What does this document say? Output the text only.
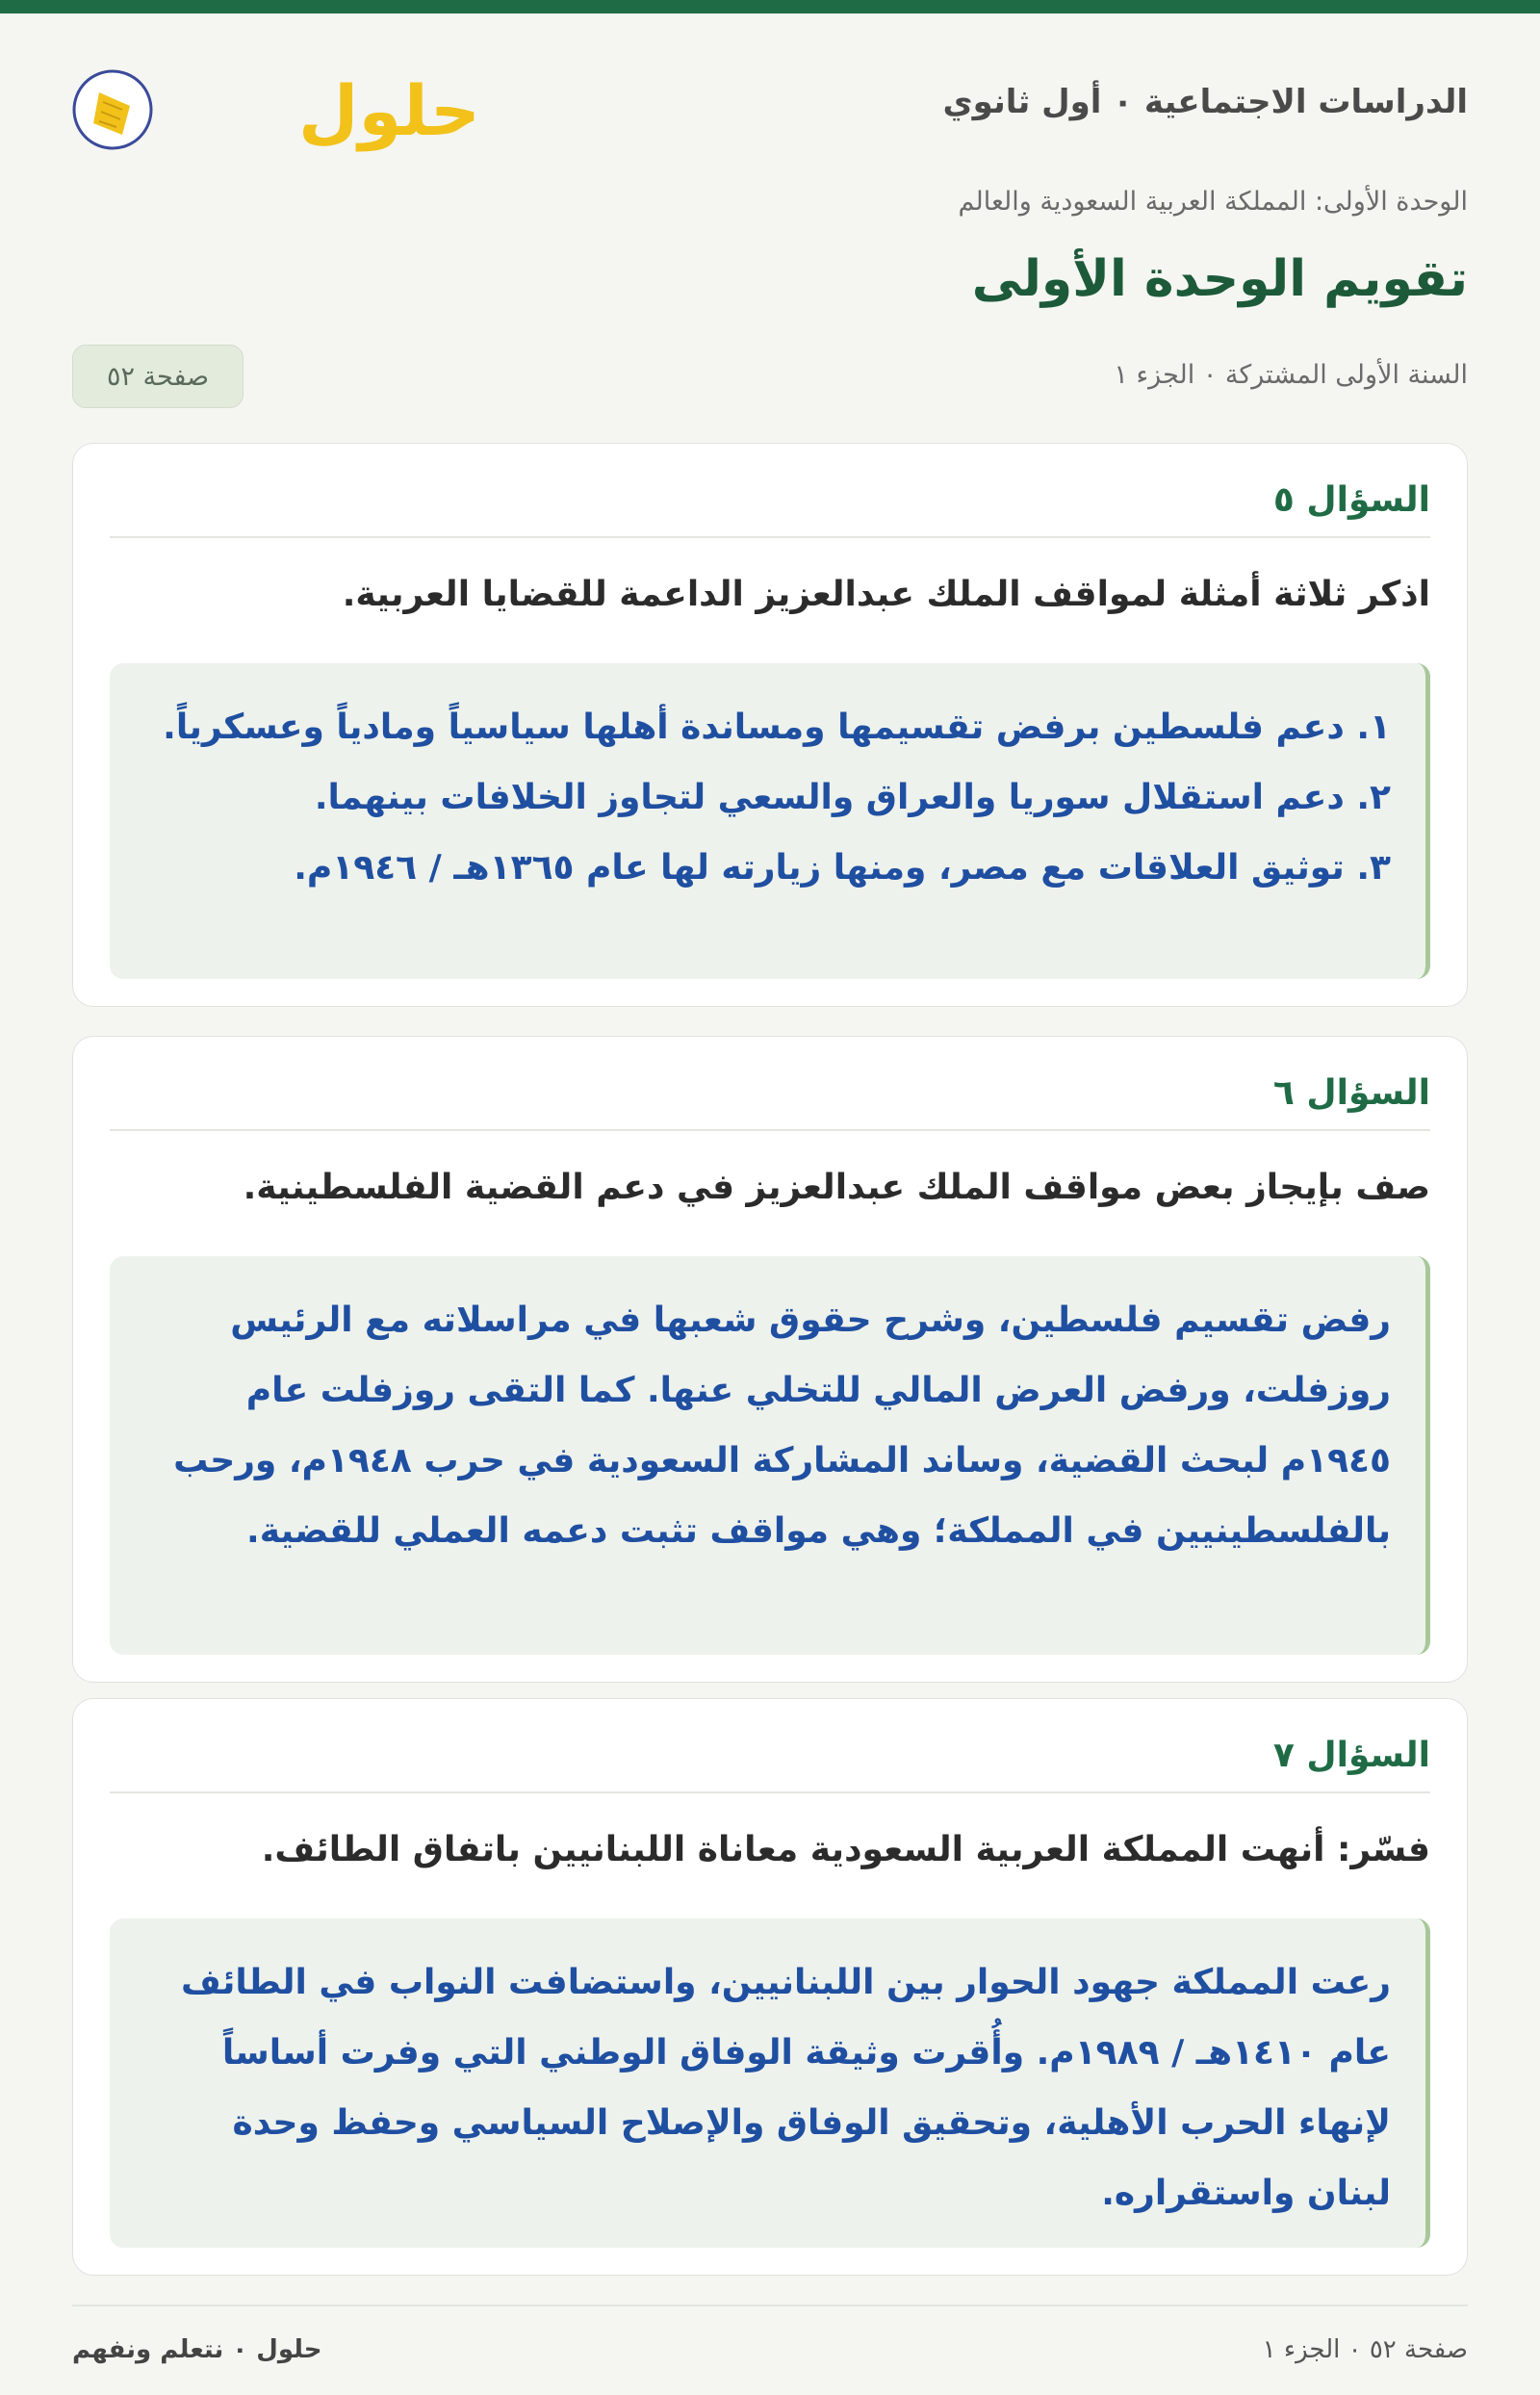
الدراسات الاجتماعية ٠ أول ثانوي
حلول
الوحدة الأولى: المملكة العربية السعودية والعالم
تقويم الوحدة الأولى
السنة الأولى المشتركة ٠ الجزء ١
صفحة ٥٢
السؤال ٥
اذكر ثلاثة أمثلة لمواقف الملك عبدالعزيز الداعمة للقضايا العربية.

١. دعم فلسطين برفض تقسيمها ومساندة أهلها سياسياً ومادياً وعسكرياً.

٢. دعم استقلال سوريا والعراق والسعي لتجاوز الخلافات بينهما.

٣. توثيق العلاقات مع مصر، ومنها زيارته لها عام ١٣٦٥هـ / ١٩٤٦م.

السؤال ٦
صف بإيجاز بعض مواقف الملك عبدالعزيز في دعم القضية الفلسطينية.

رفض تقسيم فلسطين، وشرح حقوق شعبها في مراسلاته مع الرئيس روزفلت، ورفض العرض المالي للتخلي عنها. كما التقى روزفلت عام ١٩٤٥م لبحث القضية، وساند المشاركة السعودية في حرب ١٩٤٨م، ورحب بالفلسطينيين في المملكة؛ وهي مواقف تثبت دعمه العملي للقضية.

السؤال ٧
فسّر: أنهت المملكة العربية السعودية معاناة اللبنانيين باتفاق الطائف.

رعت المملكة جهود الحوار بين اللبنانيين، واستضافت النواب في الطائف عام ١٤١٠هـ / ١٩٨٩م. وأُقرت وثيقة الوفاق الوطني التي وفرت أساساً لإنهاء الحرب الأهلية، وتحقيق الوفاق والإصلاح السياسي وحفظ وحدة لبنان واستقراره.

صفحة ٥٢ ٠ الجزء ١
حلول ٠ نتعلم ونفهم
